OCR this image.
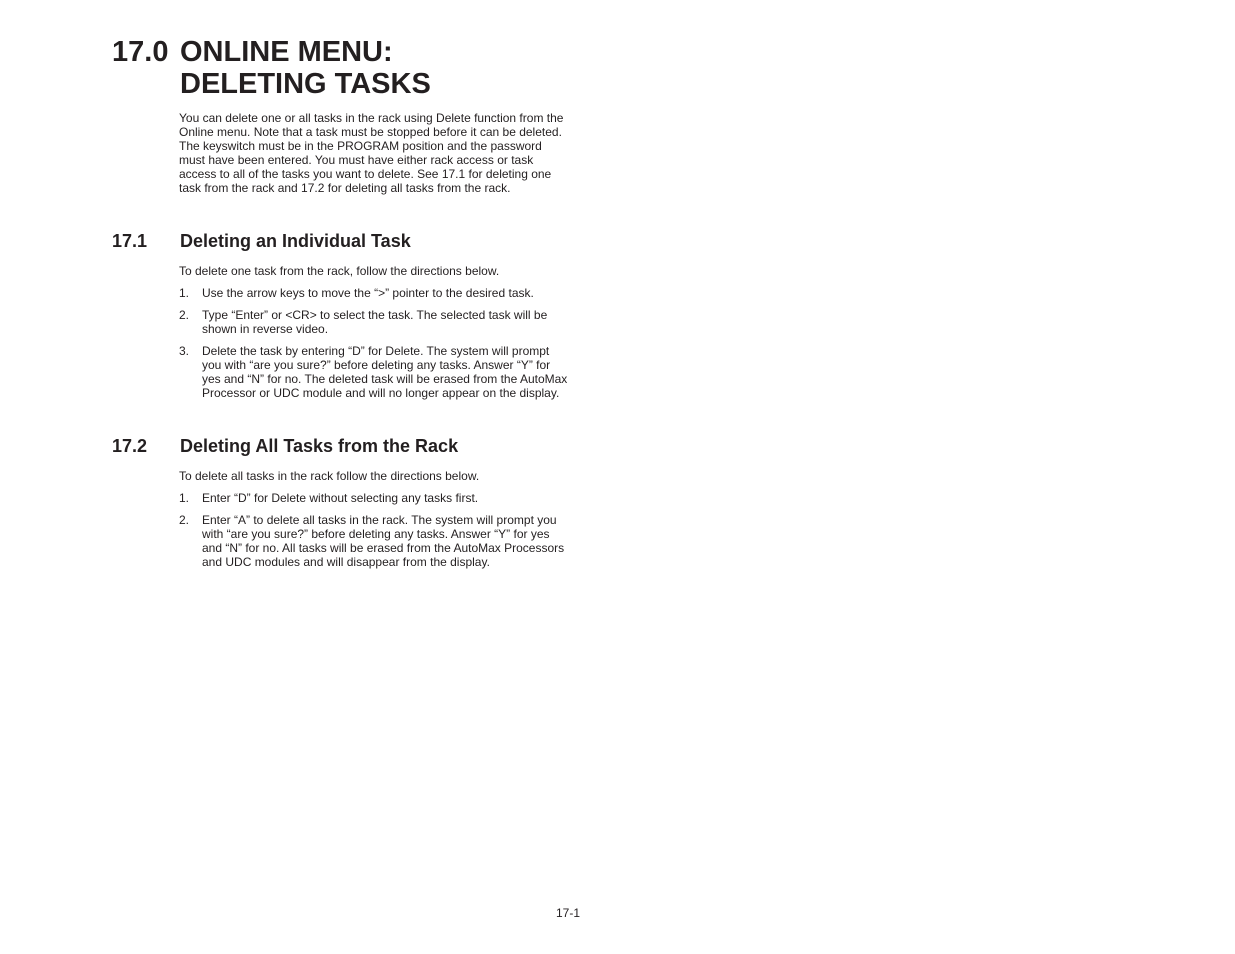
17.0 ONLINE MENU:
DELETING TASKS

You can delete one or all tasks in the rack using Delete function from the Online menu. Note that a task must be stopped before it can be deleted. The keyswitch must be in the PROGRAM position and the password must have been entered. You must have either rack access or task access to all of the tasks you want to delete. See 17.1 for deleting one task from the rack and 17.2 for deleting all tasks from the rack.

17.1 Deleting an Individual Task

To delete one task from the rack, follow the directions below.

1. Use the arrow keys to move the “>” pointer to the desired task.
2. Type “Enter” or <CR> to select the task. The selected task will be shown in reverse video.
3. Delete the task by entering “D” for Delete. The system will prompt you with “are you sure?” before deleting any tasks. Answer “Y” for yes and “N” for no. The deleted task will be erased from the AutoMax Processor or UDC module and will no longer appear on the display.
17.2 Deleting All Tasks from the Rack

To delete all tasks in the rack follow the directions below.

1. Enter “D” for Delete without selecting any tasks first.
2. Enter “A” to delete all tasks in the rack. The system will prompt you with “are you sure?” before deleting any tasks. Answer “Y” for yes and “N” for no. All tasks will be erased from the AutoMax Processors and UDC modules and will disappear from the display.
17-1
